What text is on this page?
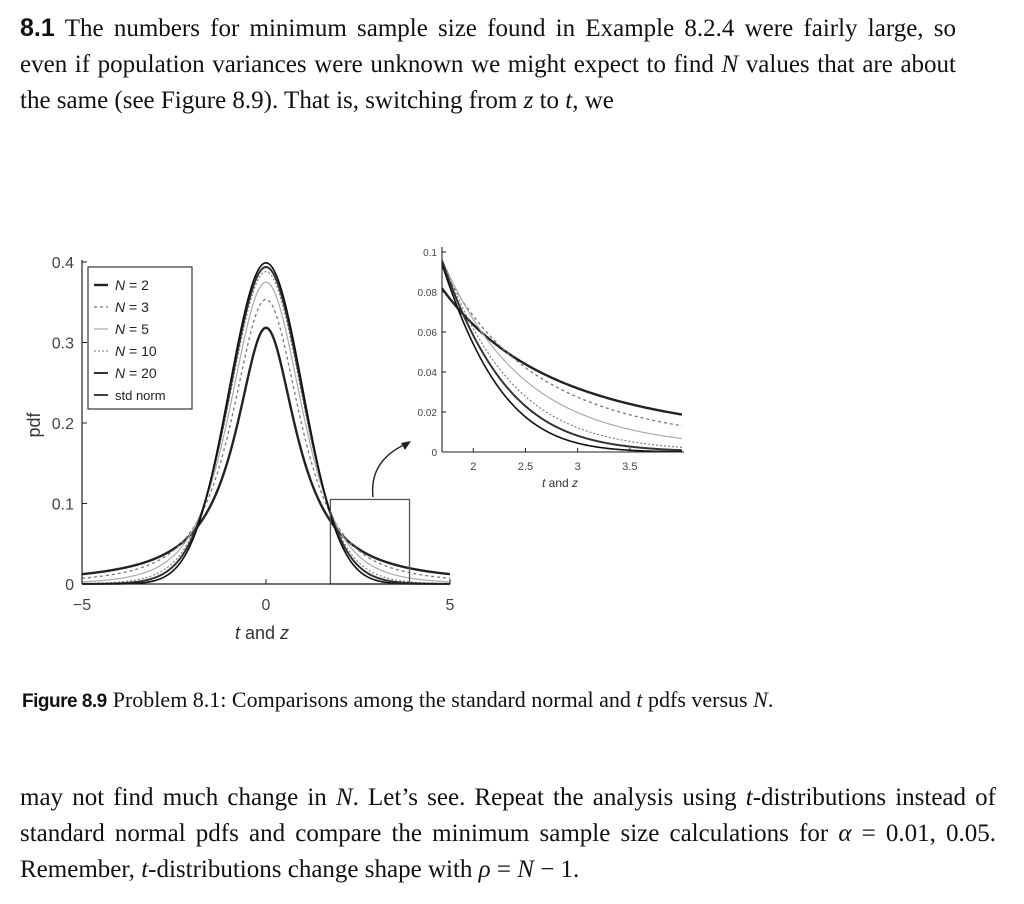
8.1 The numbers for minimum sample size found in Example 8.2.4 were fairly large, so even if population variances were unknown we might expect to find N values that are about the same (see Figure 8.9). That is, switching from z to t, we
0
0.1
0.2
0.3
0.4
−5	0	5
pdf
t and z
N = 2
N = 3
N = 5
N = 10
N = 20
std norm
0
0.02
0.04
0.06
0.08
0.1
2	2.5	3	3.5
t and z
Figure 8.9 Problem 8.1: Comparisons among the standard normal and t pdfs versus N.
may not find much change in N. Let’s see. Repeat the analysis using t-distributions instead of standard normal pdfs and compare the minimum sample size calculations for α = 0.01, 0.05. Remember, t-distributions change shape with ρ = N − 1.
